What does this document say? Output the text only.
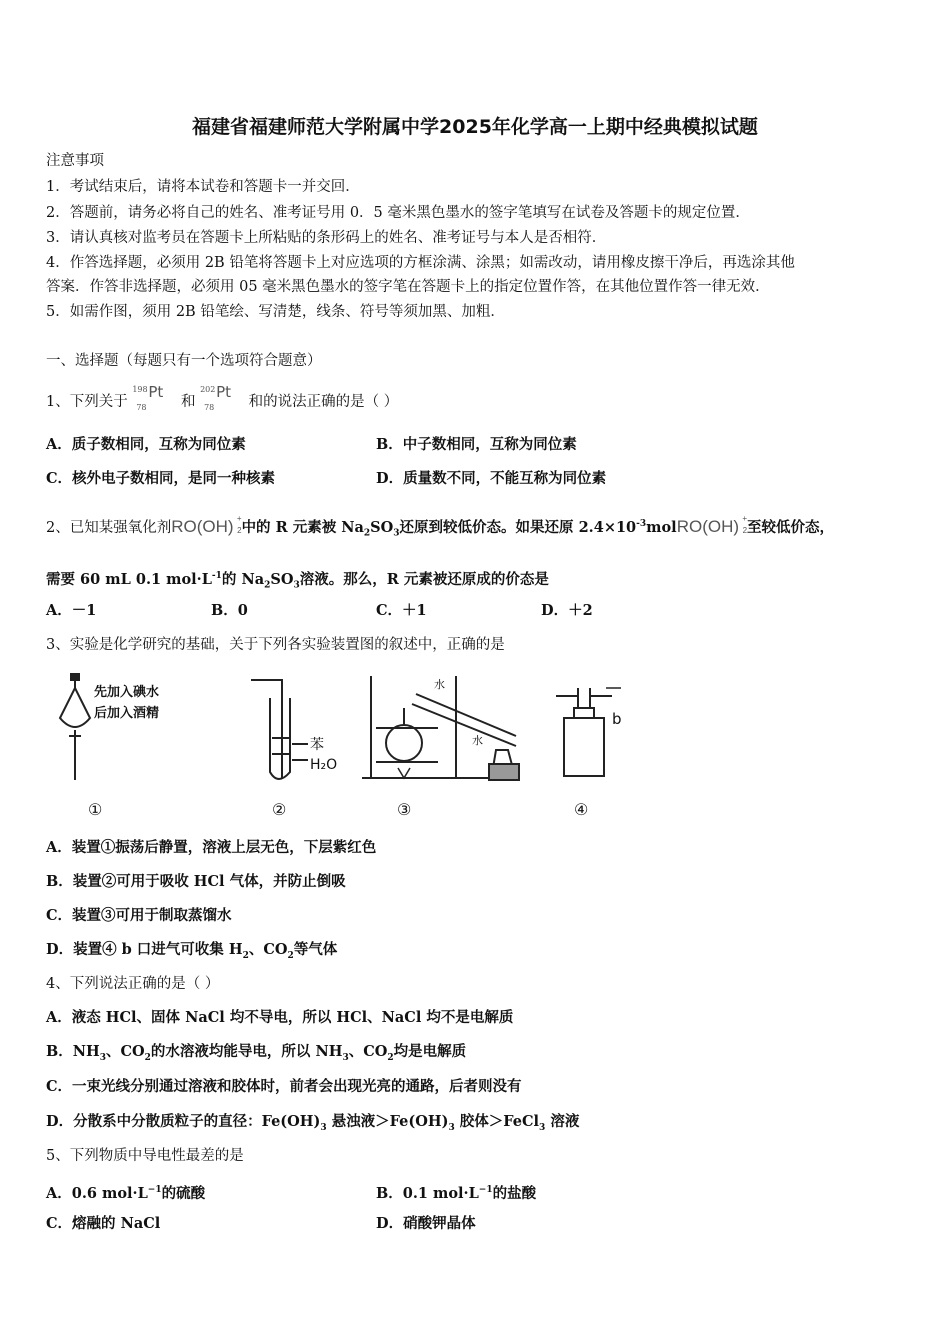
福建省福建师范大学附属中学2025年化学高一上期中经典模拟试题
注意事项
1．考试结束后，请将本试卷和答题卡一并交回．
2．答题前，请务必将自己的姓名、准考证号用 0．5 毫米黑色墨水的签字笔填写在试卷及答题卡的规定位置．
3．请认真核对监考员在答题卡上所粘贴的条形码上的姓名、准考证号与本人是否相符．
4．作答选择题，必须用 2B 铅笔将答题卡上对应选项的方框涂满、涂黑；如需改动，请用橡皮擦干净后，再选涂其他
答案．作答非选择题，必须用 05 毫米黑色墨水的签字笔在答题卡上的指定位置作答，在其他位置作答一律无效．
5．如需作图，须用 2B 铅笔绘、写清楚，线条、符号等须加黑、加粗．
一、选择题（每题只有一个选项符合题意）
1、下列关于
198
78
Pt
和
202
78
Pt
和的说法正确的是（ ）
A．质子数相同，互称为同位素	B．中子数相同，互称为同位素
C．核外电子数相同，是同一种核素	D．质量数不同，不能互称为同位素
2、已知某强氧化剂RO(OH) +
2 中的 R 元素被 $Na_2SO_3$还原到较低价态。如果还原 $2.4\times 10^{-3}molRO(OH)$ +
2 至较低价态，
需要 60 mL 0.1 $mol\cdot L^{-1}$的 $Na_2SO_3$溶液。那么，R 元素被还原成的价态是
A．－1	B．0	C．＋1	D．＋2
3、实验是化学研究的基础，关于下列各实验装置图的叙述中，正确的是
先加入碘水
后加入酒精
苯
H₂O
水
水
b
①	②	③	④
A．装置①振荡后静置，溶液上层无色，下层紫红色
B．装置②可用于吸收 HCl 气体，并防止倒吸
C．装置③可用于制取蒸馏水
D．装置④ b 口进气可收集 $H_2$、$CO_2$等气体
4、下列说法正确的是（ ）
A．液态 HCl、固体 NaCl 均不导电，所以 HCl、NaCl 均不是电解质
B．$NH_3$、$CO_2$的水溶液均能导电，所以 $NH_3$、$CO_2$均是电解质
C．一束光线分别通过溶液和胶体时，前者会出现光亮的通路，后者则没有
D．分散系中分散质粒子的直径：$Fe(OH)_3$ 悬浊液$>Fe(OH)_3$ 胶体＞FeCl$_3$ 溶液
5、下列物质中导电性最差的是
A．0.6 $mol\cdot L^{-1}$的硫酸	B．0.1 $mol\cdot L^{-1}$的盐酸
C．熔融的 NaCl	D．硝酸钾晶体
